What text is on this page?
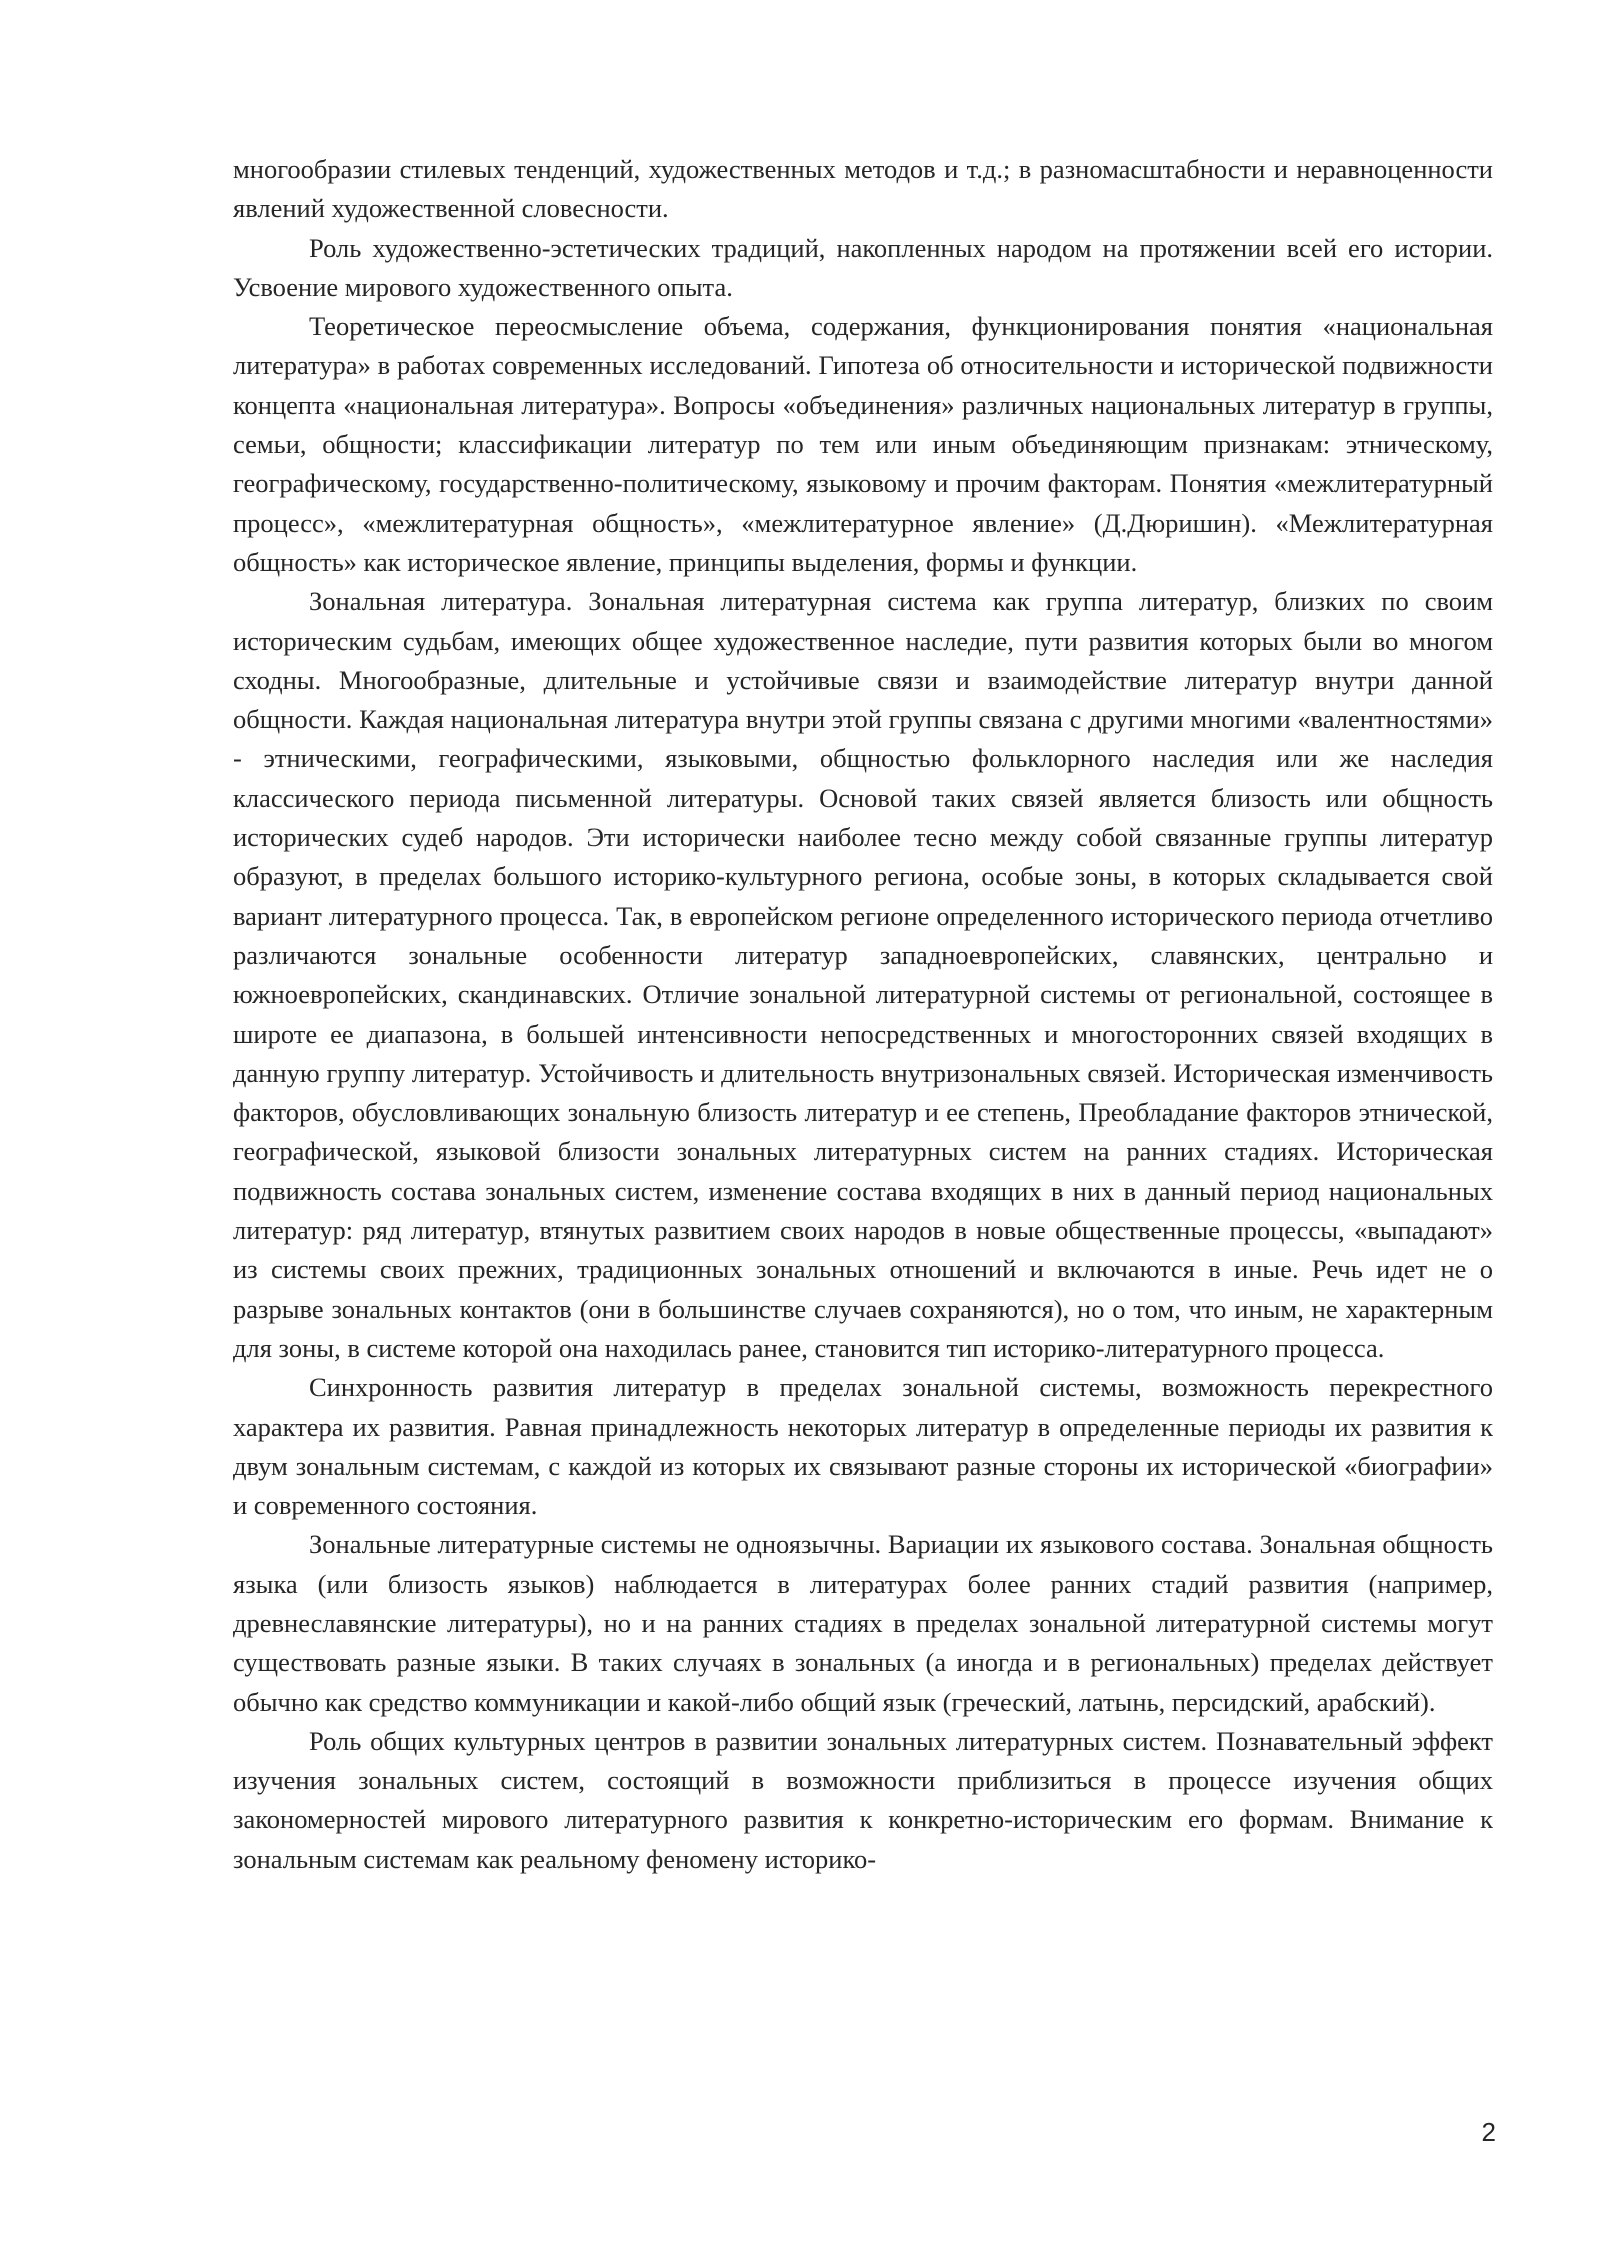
многообразии стилевых тенденций, художественных методов и т.д.; в разномасштабности и неравноценности явлений художественной словесности.

Роль художественно-эстетических традиций, накопленных народом на протяжении всей его истории. Усвоение мирового художественного опыта.

Теоретическое переосмысление объема, содержания, функционирования понятия «национальная литература» в работах современных исследований. Гипотеза об относительности и исторической подвижности концепта «национальная литература». Вопросы «объединения» различных национальных литератур в группы, семьи, общности; классификации литератур по тем или иным объединяющим признакам: этническому, географическому, государственно-политическому, языковому и прочим факторам. Понятия «межлитературный процесс», «межлитературная общность», «межлитературное явление» (Д.Дюришин). «Межлитературная общность» как историческое явление, принципы выделения, формы и функции.

Зональная литература. Зональная литературная система как группа литератур, близких по своим историческим судьбам, имеющих общее художественное наследие, пути развития которых были во многом сходны. Многообразные, длительные и устойчивые связи и взаимодействие литератур внутри данной общности. Каждая национальная литература внутри этой группы связана с другими многими «валентностями» - этническими, географическими, языковыми, общностью фольклорного наследия или же наследия классического периода письменной литературы. Основой таких связей является близость или общность исторических судеб народов. Эти исторически наиболее тесно между собой связанные группы литератур образуют, в пределах большого историко-культурного региона, особые зоны, в которых складывается свой вариант литературного процесса. Так, в европейском регионе определенного исторического периода отчетливо различаются зональные особенности литератур западноевропейских, славянских, центрально и южноевропейских, скандинавских. Отличие зональной литературной системы от региональной, состоящее в широте ее диапазона, в большей интенсивности непосредственных и многосторонних связей входящих в данную группу литератур. Устойчивость и длительность внутризональных связей. Историческая изменчивость факторов, обусловливающих зональную близость литератур и ее степень, Преобладание факторов этнической, географической, языковой близости зональных литературных систем на ранних стадиях. Историческая подвижность состава зональных систем, изменение состава входящих в них в данный период национальных литератур: ряд литератур, втянутых развитием своих народов в новые общественные процессы, «выпадают» из системы своих прежних, традиционных зональных отношений и включаются в иные. Речь идет не о разрыве зональных контактов (они в большинстве случаев сохраняются), но о том, что иным, не характерным для зоны, в системе которой она находилась ранее, становится тип историко-литературного процесса.

Синхронность развития литератур в пределах зональной системы, возможность перекрестного характера их развития. Равная принадлежность некоторых литератур в определенные периоды их развития к двум зональным системам, с каждой из которых их связывают разные стороны их исторической «биографии» и современного состояния.

Зональные литературные системы не одноязычны. Вариации их языкового состава. Зональная общность языка (или близость языков) наблюдается в литературах более ранних стадий развития (например, древнеславянские литературы), но и на ранних стадиях в пределах зональной литературной системы могут существовать разные языки. В таких случаях в зональных (а иногда и в региональных) пределах действует обычно как средство коммуникации и какой-либо общий язык (греческий, латынь, персидский, арабский).

Роль общих культурных центров в развитии зональных литературных систем. Познавательный эффект изучения зональных систем, состоящий в возможности приблизиться в процессе изучения общих закономерностей мирового литературного развития к конкретно-историческим его формам. Внимание к зональным системам как реальному феномену историко-

2
